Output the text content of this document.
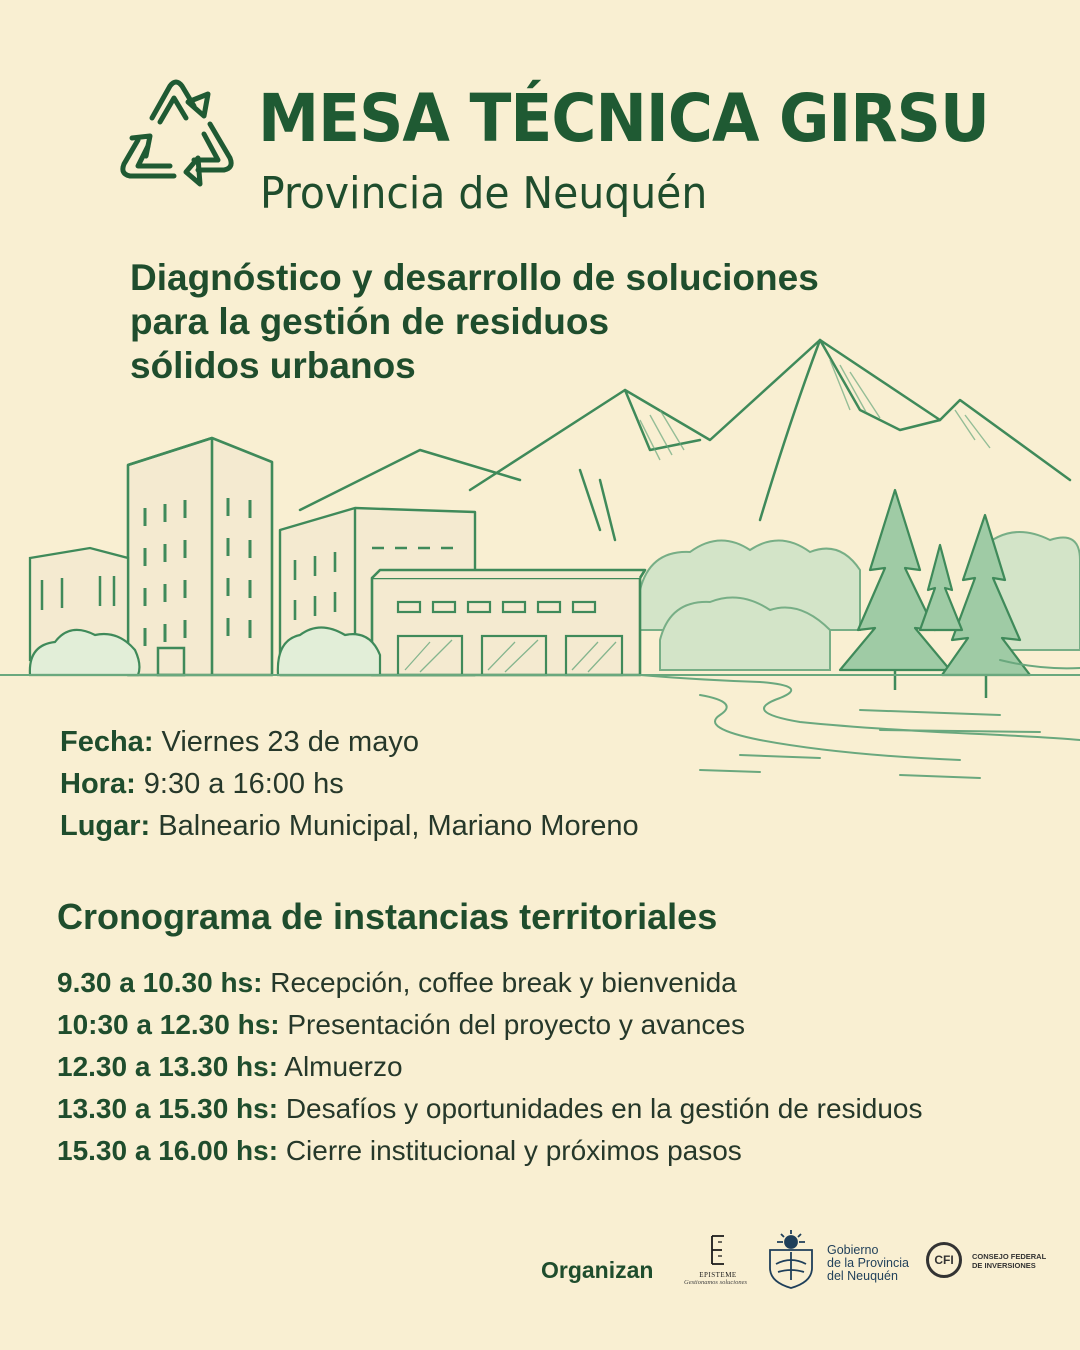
MESA TÉCNICA GIRSU
Provincia de Neuquén
Diagnóstico y desarrollo de soluciones
para la gestión de residuos
sólidos urbanos
Fecha: Viernes 23 de mayo
Hora: 9:30 a 16:00 hs
Lugar: Balneario Municipal, Mariano Moreno
Cronograma de instancias territoriales
9.30 a 10.30 hs: Recepción, coffee break y bienvenida
10:30 a 12.30 hs: Presentación del proyecto y avances
12.30 a 13.30 hs: Almuerzo
13.30 a 15.30 hs: Desafíos y oportunidades en la gestión de residuos
15.30 a 16.00 hs: Cierre institucional y próximos pasos
Organizan	EPISTEME
Gestionamos soluciones
Gobierno
de la Provincia
del Neuquén
CFI CONSEJO FEDERAL
DE INVERSIONES
